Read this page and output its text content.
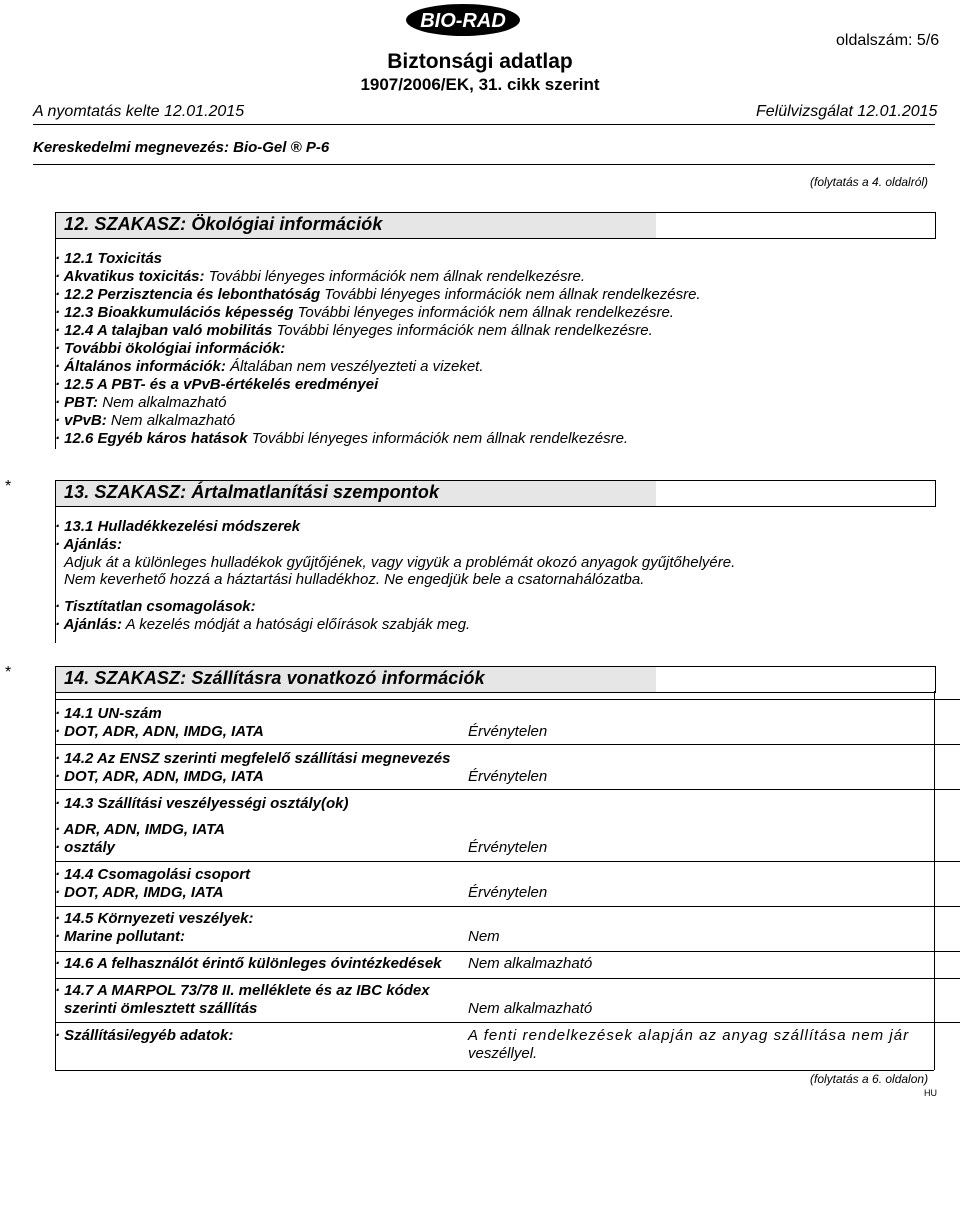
BIO-RAD
oldalszám: 5/6
Biztonsági adatlap
1907/2006/EK, 31. cikk szerint
A nyomtatás kelte 12.01.2015	Felülvizsgálat 12.01.2015
Kereskedelmi megnevezés: Bio-Gel ® P-6
(folytatás a 4. oldalról)
12. SZAKASZ: Ökológiai információk
· 12.1 Toxicitás
· Akvatikus toxicitás: További lényeges információk nem állnak rendelkezésre.
· 12.2 Perzisztencia és lebonthatóság További lényeges információk nem állnak rendelkezésre.
· 12.3 Bioakkumulációs képesség További lényeges információk nem állnak rendelkezésre.
· 12.4 A talajban való mobilitás További lényeges információk nem állnak rendelkezésre.
· További ökológiai információk:
· Általános információk: Általában nem veszélyezteti a vizeket.
· 12.5 A PBT- és a vPvB-értékelés eredményei
· PBT: Nem alkalmazható
· vPvB: Nem alkalmazható
· 12.6 Egyéb káros hatások További lényeges információk nem állnak rendelkezésre.
*	13. SZAKASZ: Ártalmatlanítási szempontok
· 13.1 Hulladékkezelési módszerek
· Ajánlás:
Adjuk át a különleges hulladékok gyűjtőjének, vagy vigyük a problémát okozó anyagok gyűjtőhelyére.
Nem keverhető hozzá a háztartási hulladékhoz. Ne engedjük bele a csatornahálózatba.
· Tisztítatlan csomagolások:
· Ajánlás: A kezelés módját a hatósági előírások szabják meg.
*	14. SZAKASZ: Szállításra vonatkozó információk
· 14.1 UN-szám
· DOT, ADR, ADN, IMDG, IATA	Érvénytelen
· 14.2 Az ENSZ szerinti megfelelő szállítási megnevezés
· DOT, ADR, ADN, IMDG, IATA	Érvénytelen
· 14.3 Szállítási veszélyességi osztály(ok)
· ADR, ADN, IMDG, IATA
· osztály	Érvénytelen
· 14.4 Csomagolási csoport
· DOT, ADR, IMDG, IATA	Érvénytelen
· 14.5 Környezeti veszélyek:
· Marine pollutant:	Nem
· 14.6 A felhasználót érintő különleges óvintézkedések Nem alkalmazható
· 14.7 A MARPOL 73/78 II. melléklete és az IBC kódex
szerinti ömlesztett szállítás	Nem alkalmazható
· Szállítási/egyéb adatok:	A fenti rendelkezések alapján az anyag szállítása nem jár
veszéllyel.
(folytatás a 6. oldalon)
HU
